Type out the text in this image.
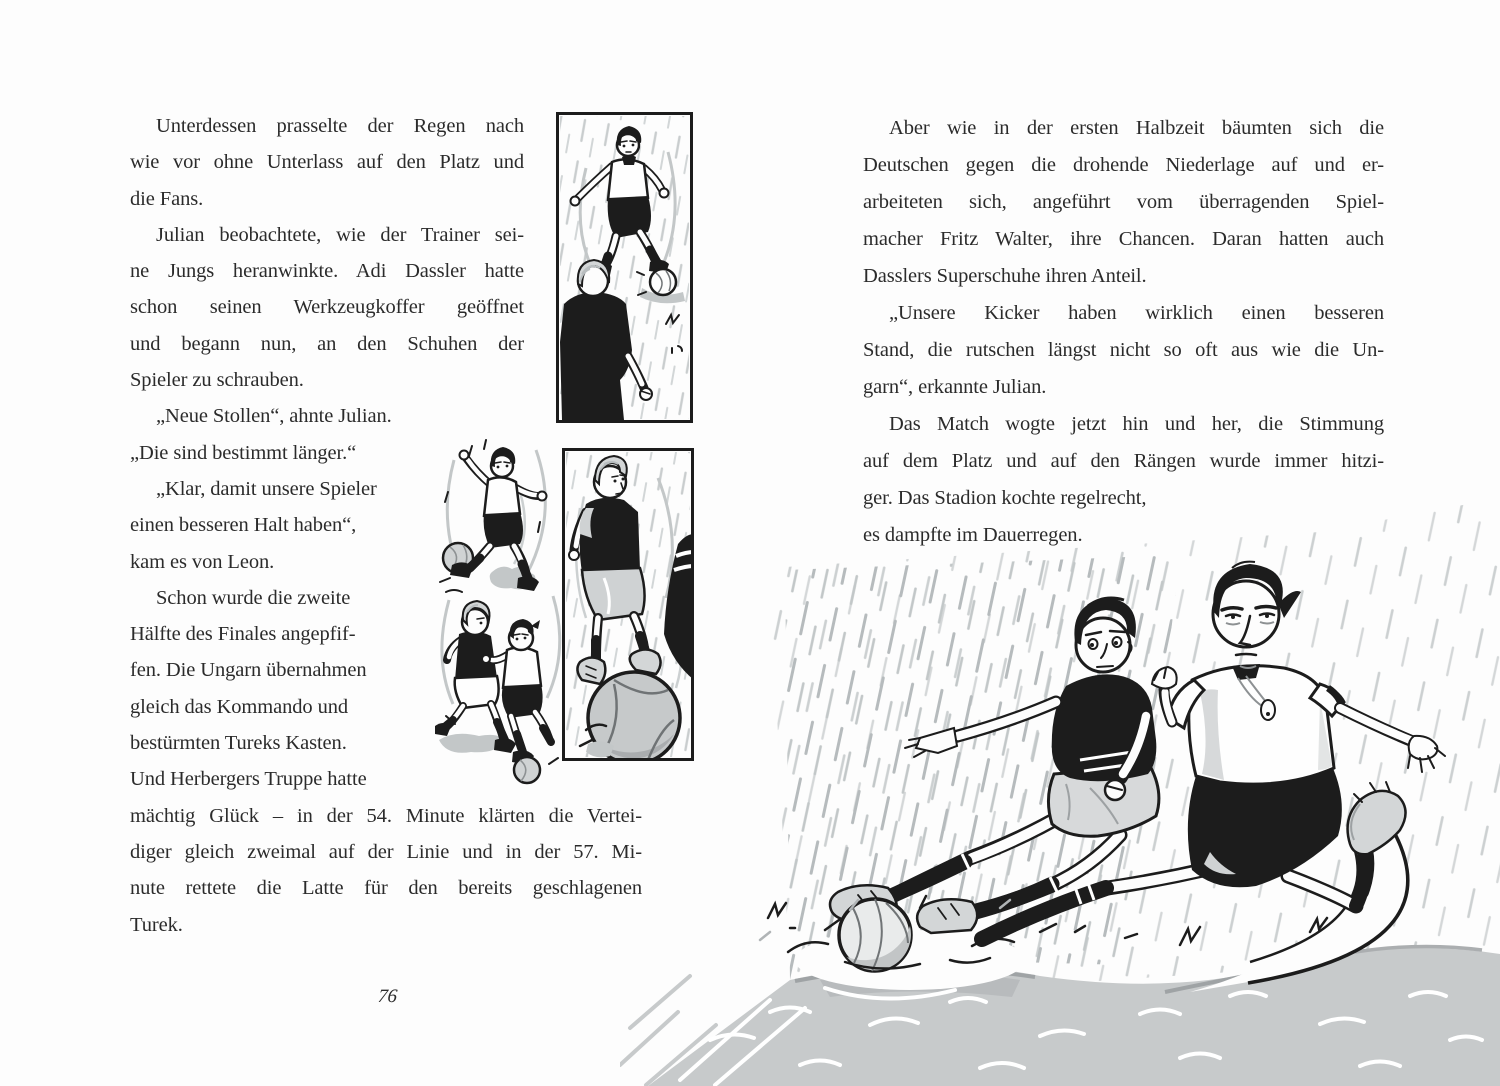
Unterdessen prasselte der Regen nach
wie vor ohne Unterlass auf den Platz und
die Fans.
Julian beobachtete, wie der Trainer sei-
ne Jungs heranwinkte. Adi Dassler hatte
schon seinen Werkzeugkoffer geöffnet
und begann nun, an den Schuhen der
Spieler zu schrauben.
„Neue Stollen“, ahnte Julian.
„Die sind bestimmt länger.“
„Klar, damit unsere Spieler
einen besseren Halt haben“,
kam es von Leon.
Schon wurde die zweite
Hälfte des Finales angepfif-
fen. Die Ungarn übernahmen
gleich das Kommando und
bestürmten Tureks Kasten.
Und Herbergers Truppe hatte
mächtig Glück – in der 54. Minute klärten die Vertei-
diger gleich zweimal auf der Linie und in der 57. Mi-
nute rettete die Latte für den bereits geschlagenen
Turek.
76
Aber wie in der ersten Halbzeit bäumten sich die
Deutschen gegen die drohende Niederlage auf und er-
arbeiteten sich, angeführt vom überragenden Spiel-
macher Fritz Walter, ihre Chancen. Daran hatten auch
Dasslers Superschuhe ihren Anteil.
„Unsere Kicker haben wirklich einen besseren
Stand, die rutschen längst nicht so oft aus wie die Un-
garn“, erkannte Julian.
Das Match wogte jetzt hin und her, die Stimmung
auf dem Platz und auf den Rängen wurde immer hitzi-
ger. Das Stadion kochte regelrecht,
es dampfte im Dauerregen.
